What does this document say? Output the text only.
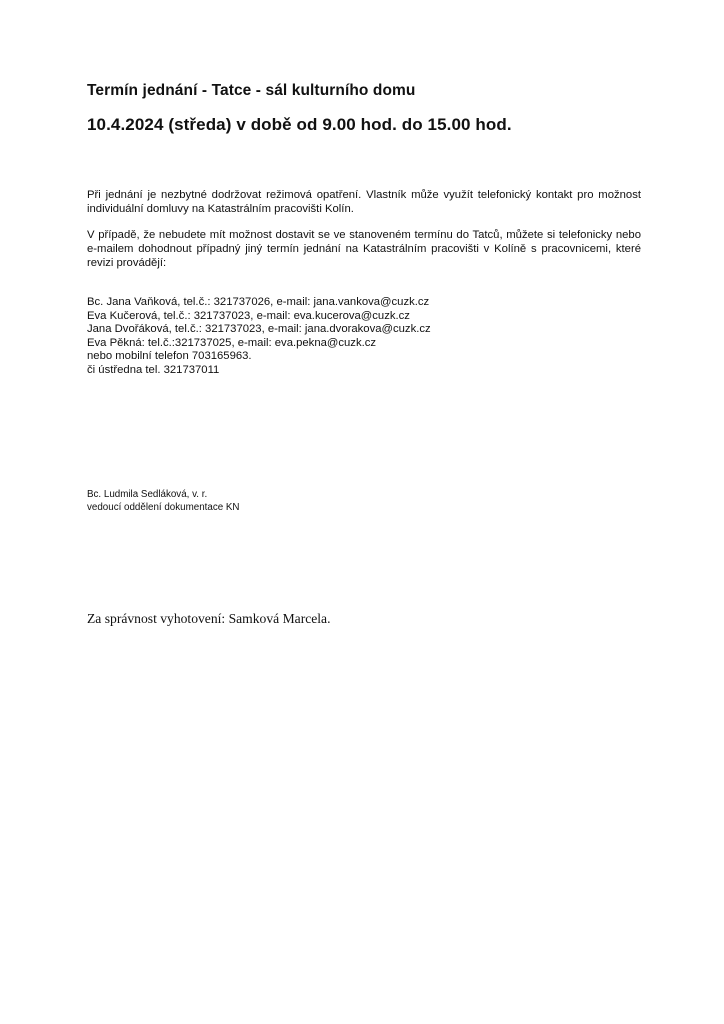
Termín jednání - Tatce - sál kulturního domu
10.4.2024 (středa) v době od 9.00 hod. do 15.00 hod.

Při jednání je nezbytné dodržovat režimová opatření. Vlastník může využít telefonický kontakt pro možnost individuální domluvy na Katastrálním pracovišti Kolín.

V případě, že nebudete mít možnost dostavit se ve stanoveném termínu do Tatců, můžete si telefonicky nebo e-mailem dohodnout případný jiný termín jednání na Katastrálním pracovišti v Kolíně s pracovnicemi, které revizi provádějí:

Bc. Jana Vaňková, tel.č.: 321737026, e-mail: jana.vankova@cuzk.cz
Eva Kučerová, tel.č.: 321737023, e-mail: eva.kucerova@cuzk.cz
Jana Dvořáková, tel.č.: 321737023, e-mail: jana.dvorakova@cuzk.cz
Eva Pěkná: tel.č.:321737025, e-mail: eva.pekna@cuzk.cz
nebo mobilní telefon 703165963.
či ústředna tel. 321737011
Bc. Ludmila Sedláková, v. r.
vedoucí oddělení dokumentace KN
Za správnost vyhotovení: Samková Marcela.
